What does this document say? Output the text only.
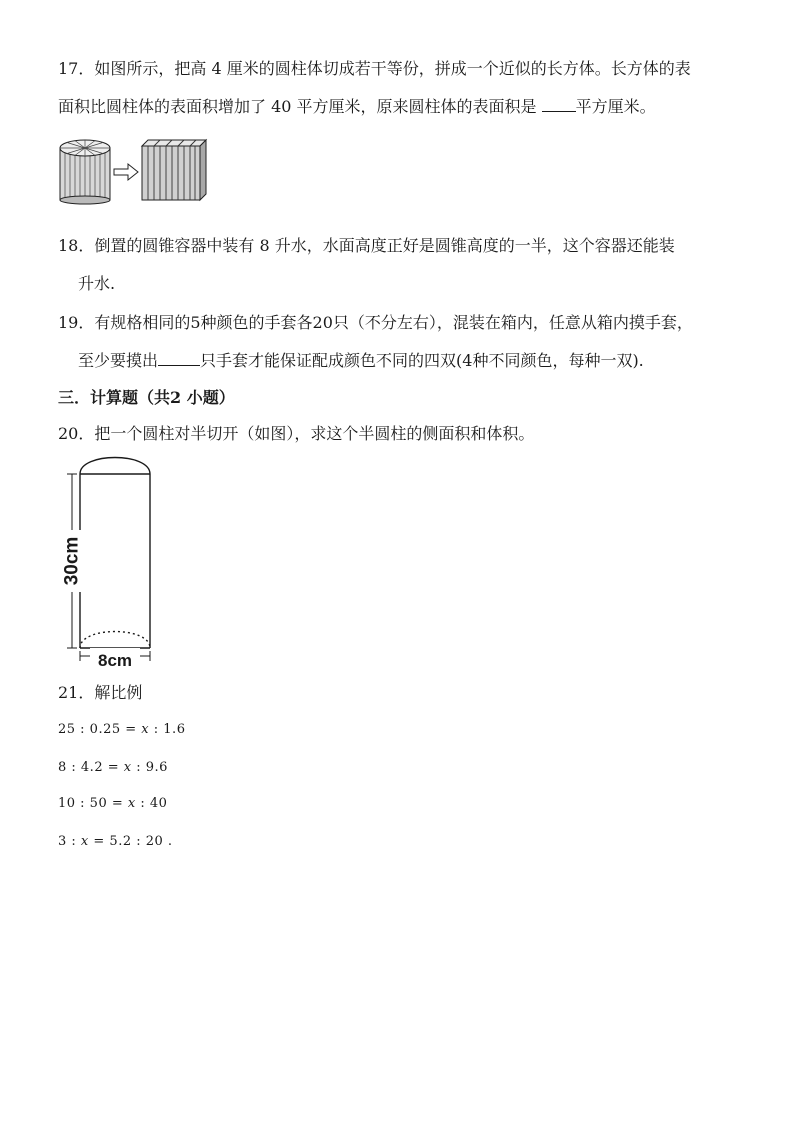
17．如图所示，把高 4 厘米的圆柱体切成若干等份，拼成一个近似的长方体。长方体的表
面积比圆柱体的表面积增加了 40 平方厘米，原来圆柱体的表面积是 平方厘米。
18．倒置的圆锥容器中装有 8 升水，水面高度正好是圆锥高度的一半，这个容器还能装
升水.
19．有规格相同的5种颜色的手套各20只（不分左右），混装在箱内，任意从箱内摸手套，
至少要摸出	只手套才能保证配成颜色不同的四双(4种不同颜色，每种一双).
三．计算题（共2 小题）
20．把一个圆柱对半切开（如图），求这个半圆柱的侧面积和体积。
30cm
8cm
21．解比例
25 : 0.25 = x : 1.6
8 : 4.2 = x : 9.6
10 : 50 = x : 40
3 : x = 5.2 : 20 .
